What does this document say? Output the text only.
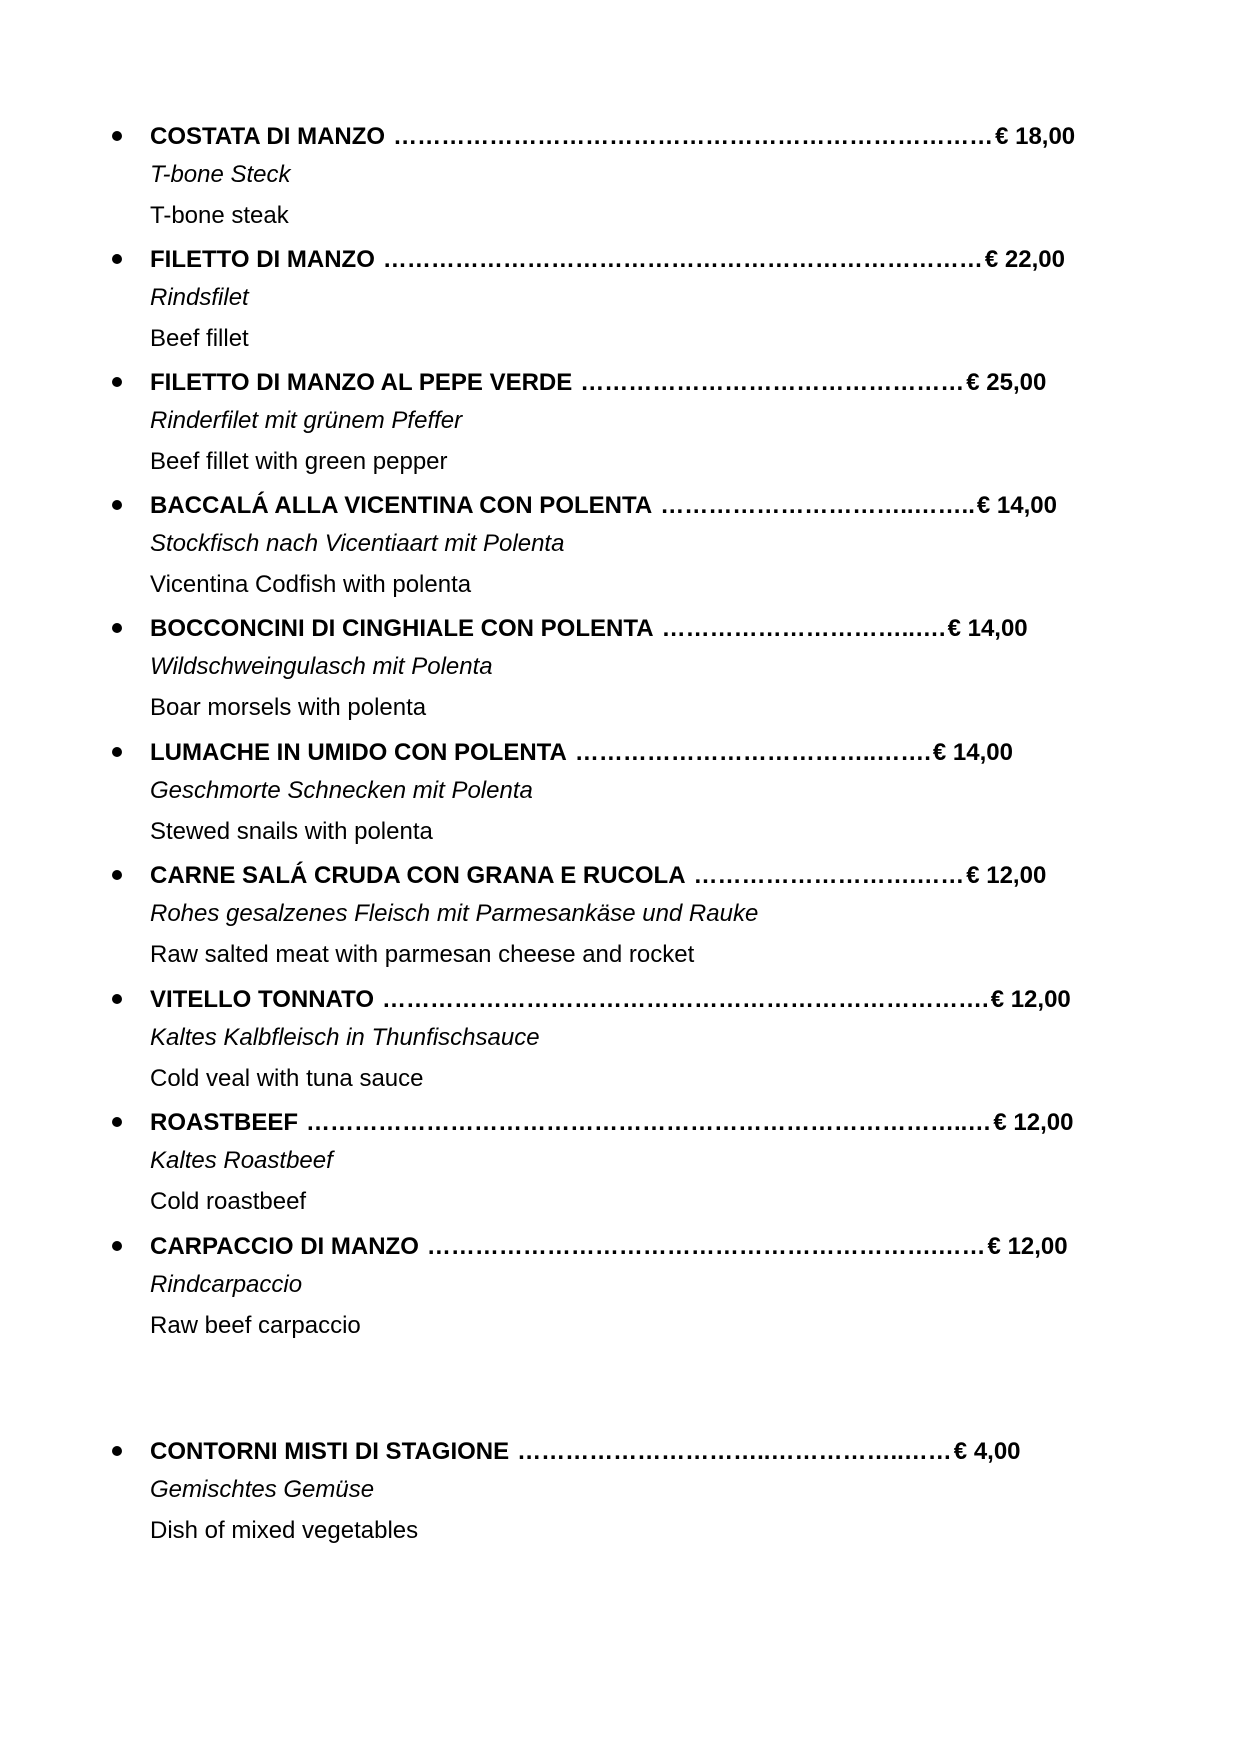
COSTATA DI MANZO ………………………………………………………………… € 18,00
T-bone Steck
T-bone steak
FILETTO DI MANZO ………………………………………………………………… € 22,00
Rindsfilet
Beef fillet
FILETTO DI MANZO AL PEPE VERDE ………………………………………… € 25,00
Rinderfilet mit grünem Pfeffer
Beef fillet with green pepper
BACCALÁ ALLA VICENTINA CON POLENTA …………………………..…….. € 14,00
Stockfisch nach Vicentiaart mit Polenta
Vicentina Codfish with polenta
BOCCONCINI DI CINGHIALE CON POLENTA …………………………..…. € 14,00
Wildschweingulasch mit Polenta
Boar morsels with polenta
LUMACHE IN UMIDO CON POLENTA ………………………………..……. € 14,00
Geschmorte Schnecken mit Polenta
Stewed snails with polenta
CARNE SALÁ CRUDA CON GRANA E RUCOLA ……………………….…… € 12,00
Rohes gesalzenes Fleisch mit Parmesankäse und Rauke
Raw salted meat with parmesan cheese and rocket
VITELLO TONNATO …………………………………………………………………. € 12,00
Kaltes Kalbfleisch in Thunfischsauce
Cold veal with tuna sauce
ROASTBEEF ………………………………………………………………………..… € 12,00
Kaltes Roastbeef
Cold roastbeef
CARPACCIO DI MANZO ……………………………………………………….…… € 12,00
Rindcarpaccio
Raw beef carpaccio
CONTORNI MISTI DI STAGIONE …………………………..……………..…… € 4,00
Gemischtes Gemüse
Dish of mixed vegetables
